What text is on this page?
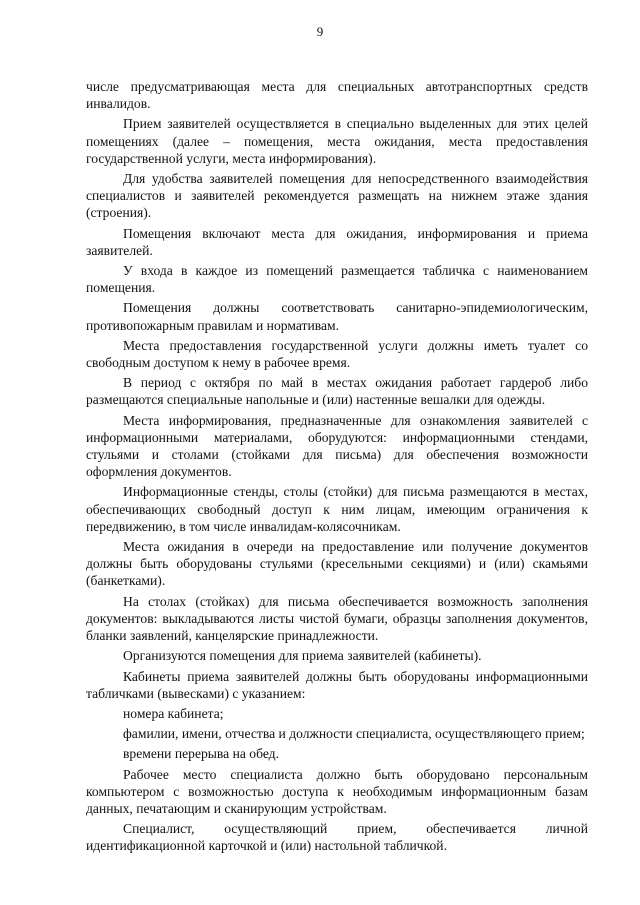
9

числе предусматривающая места для специальных автотранспортных средств инвалидов.

Прием заявителей осуществляется в специально выделенных для этих целей помещениях (далее – помещения, места ожидания, места предоставления государственной услуги, места информирования).

Для удобства заявителей помещения для непосредственного взаимодействия специалистов и заявителей рекомендуется размещать на нижнем этаже здания (строения).

Помещения включают места для ожидания, информирования и приема заявителей.

У входа в каждое из помещений размещается табличка с наименованием помещения.

Помещения должны соответствовать санитарно-эпидемиологическим, противопожарным правилам и нормативам.

Места предоставления государственной услуги должны иметь туалет со свободным доступом к нему в рабочее время.

В период с октября по май в местах ожидания работает гардероб либо размещаются специальные напольные и (или) настенные вешалки для одежды.

Места информирования, предназначенные для ознакомления заявителей с информационными материалами, оборудуются: информационными стендами, стульями и столами (стойками для письма) для обеспечения возможности оформления документов.

Информационные стенды, столы (стойки) для письма размещаются в местах, обеспечивающих свободный доступ к ним лицам, имеющим ограничения к передвижению, в том числе инвалидам-колясочникам.

Места ожидания в очереди на предоставление или получение документов должны быть оборудованы стульями (кресельными секциями) и (или) скамьями (банкетками).

На столах (стойках) для письма обеспечивается возможность заполнения документов: выкладываются листы чистой бумаги, образцы заполнения документов, бланки заявлений, канцелярские принадлежности.

Организуются помещения для приема заявителей (кабинеты).

Кабинеты приема заявителей должны быть оборудованы информационными табличками (вывесками) с указанием:

номера кабинета;

фамилии, имени, отчества и должности специалиста, осуществляющего прием;

времени перерыва на обед.

Рабочее место специалиста должно быть оборудовано персональным компьютером с возможностью доступа к необходимым информационным базам данных, печатающим и сканирующим устройствам.

Специалист, осуществляющий прием, обеспечивается личной идентификационной карточкой и (или) настольной табличкой.
